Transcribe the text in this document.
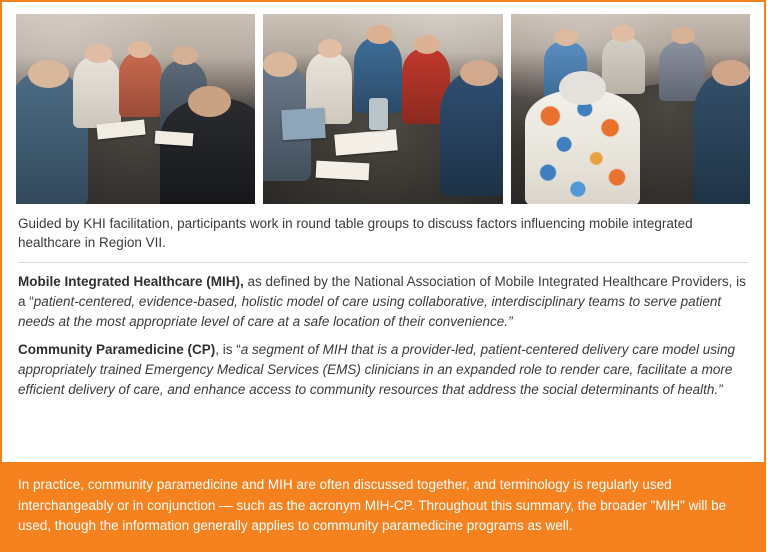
Guided by KHI facilitation, participants work in round table groups to discuss factors influencing mobile integrated healthcare in Region VII.

Mobile Integrated Healthcare (MIH), as defined by the National Association of Mobile Integrated Healthcare Providers, is a “patient-centered, evidence-based, holistic model of care using collaborative, interdisciplinary teams to serve patient needs at the most appropriate level of care at a safe location of their convenience.”

Community Paramedicine (CP), is “a segment of MIH that is a provider-led, patient-centered delivery care model using appropriately trained Emergency Medical Services (EMS) clinicians in an expanded role to render care, facilitate a more efficient delivery of care, and enhance access to community resources that address the social determinants of health.”

In practice, community paramedicine and MIH are often discussed together, and terminology is regularly used interchangeably or in conjunction — such as the acronym MIH-CP. Throughout this summary, the broader "MIH" will be used, though the information generally applies to community paramedicine programs as well.
